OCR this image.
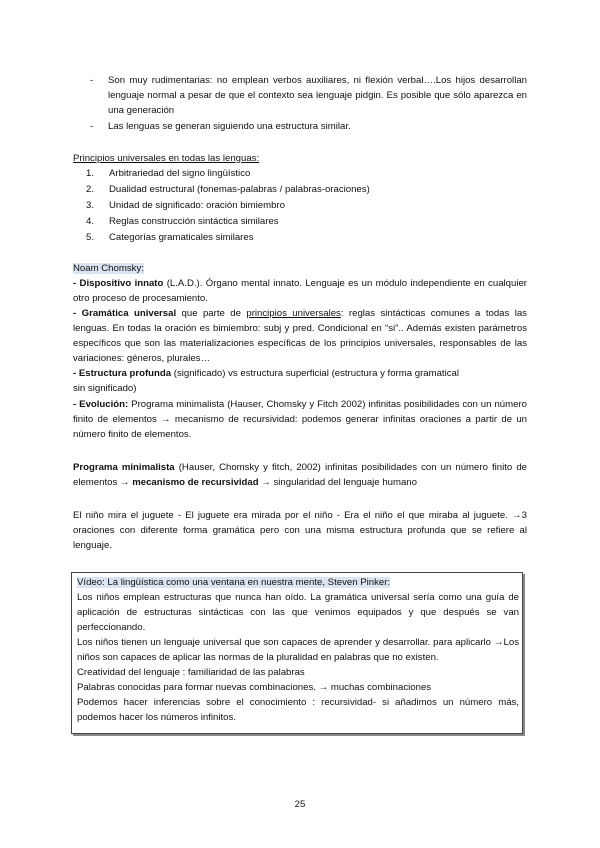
- Son muy rudimentarias: no emplean verbos auxiliares, ni flexión verbal….Los hijos desarrollan lenguaje normal a pesar de que el contexto sea lenguaje pidgin. Es posible que sólo aparezca en una generación
- Las lenguas se generan siguiendo una estructura similar.
Principios universales en todas las lenguas:
1. Arbitrariedad del signo lingüístico
2. Dualidad estructural (fonemas-palabras / palabras-oraciones)
3. Unidad de significado: oración bimiembro
4. Reglas construcción sintáctica similares
5. Categorías gramaticales similares
Noam Chomsky:
- Dispositivo innato (L.A.D.). Órgano mental innato. Lenguaje es un módulo independiente en cualquier otro proceso de procesamiento.
- Gramática universal que parte de principios universales: reglas sintácticas comunes a todas las lenguas. En todas la oración es bimiembro: subj y pred. Condicional en “si”.. Además existen parámetros específicos que son las materializaciones específicas de los principios universales, responsables de las variaciones: géneros, plurales…
- Estructura profunda (significado) vs estructura superficial (estructura y forma gramatical
sin significado)
- Evolución: Programa minimalista (Hauser, Chomsky y Fitch 2002) infinitas posibilidades con un número finito de elementos → mecanismo de recursividad: podemos generar infinitas oraciones a partir de un número finito de elementos.
Programa minimalista (Hauser, Chomsky y fitch, 2002) infinitas posibilidades con un número finito de elementos → mecanismo de recursividad → singularidad del lenguaje humano
El niño mira el juguete - El juguete era mirada por el niño - Era el niño el que miraba al juguete. →3 oraciones con diferente forma gramática pero con una misma estructura profunda que se refiere al lenguaje.
Vídeo: La lingüística como una ventana en nuestra mente, Steven Pinker:
Los niños emplean estructuras que nunca han oído. La gramática universal sería como una guía de aplicación de estructuras sintácticas con las que venimos equipados y que después se van perfeccionando.
Los niños tienen un lenguaje universal que son capaces de aprender y desarrollar. para aplicarlo →Los niños son capaces de aplicar las normas de la pluralidad en palabras que no existen.
Creatividad del lenguaje : familiaridad de las palabras
Palabras conocidas para formar nuevas combinaciones. → muchas combinaciones
Podemos hacer inferencias sobre el conocimiento : recursividad- si añadimos un número más, podemos hacer los números infinitos.
25
